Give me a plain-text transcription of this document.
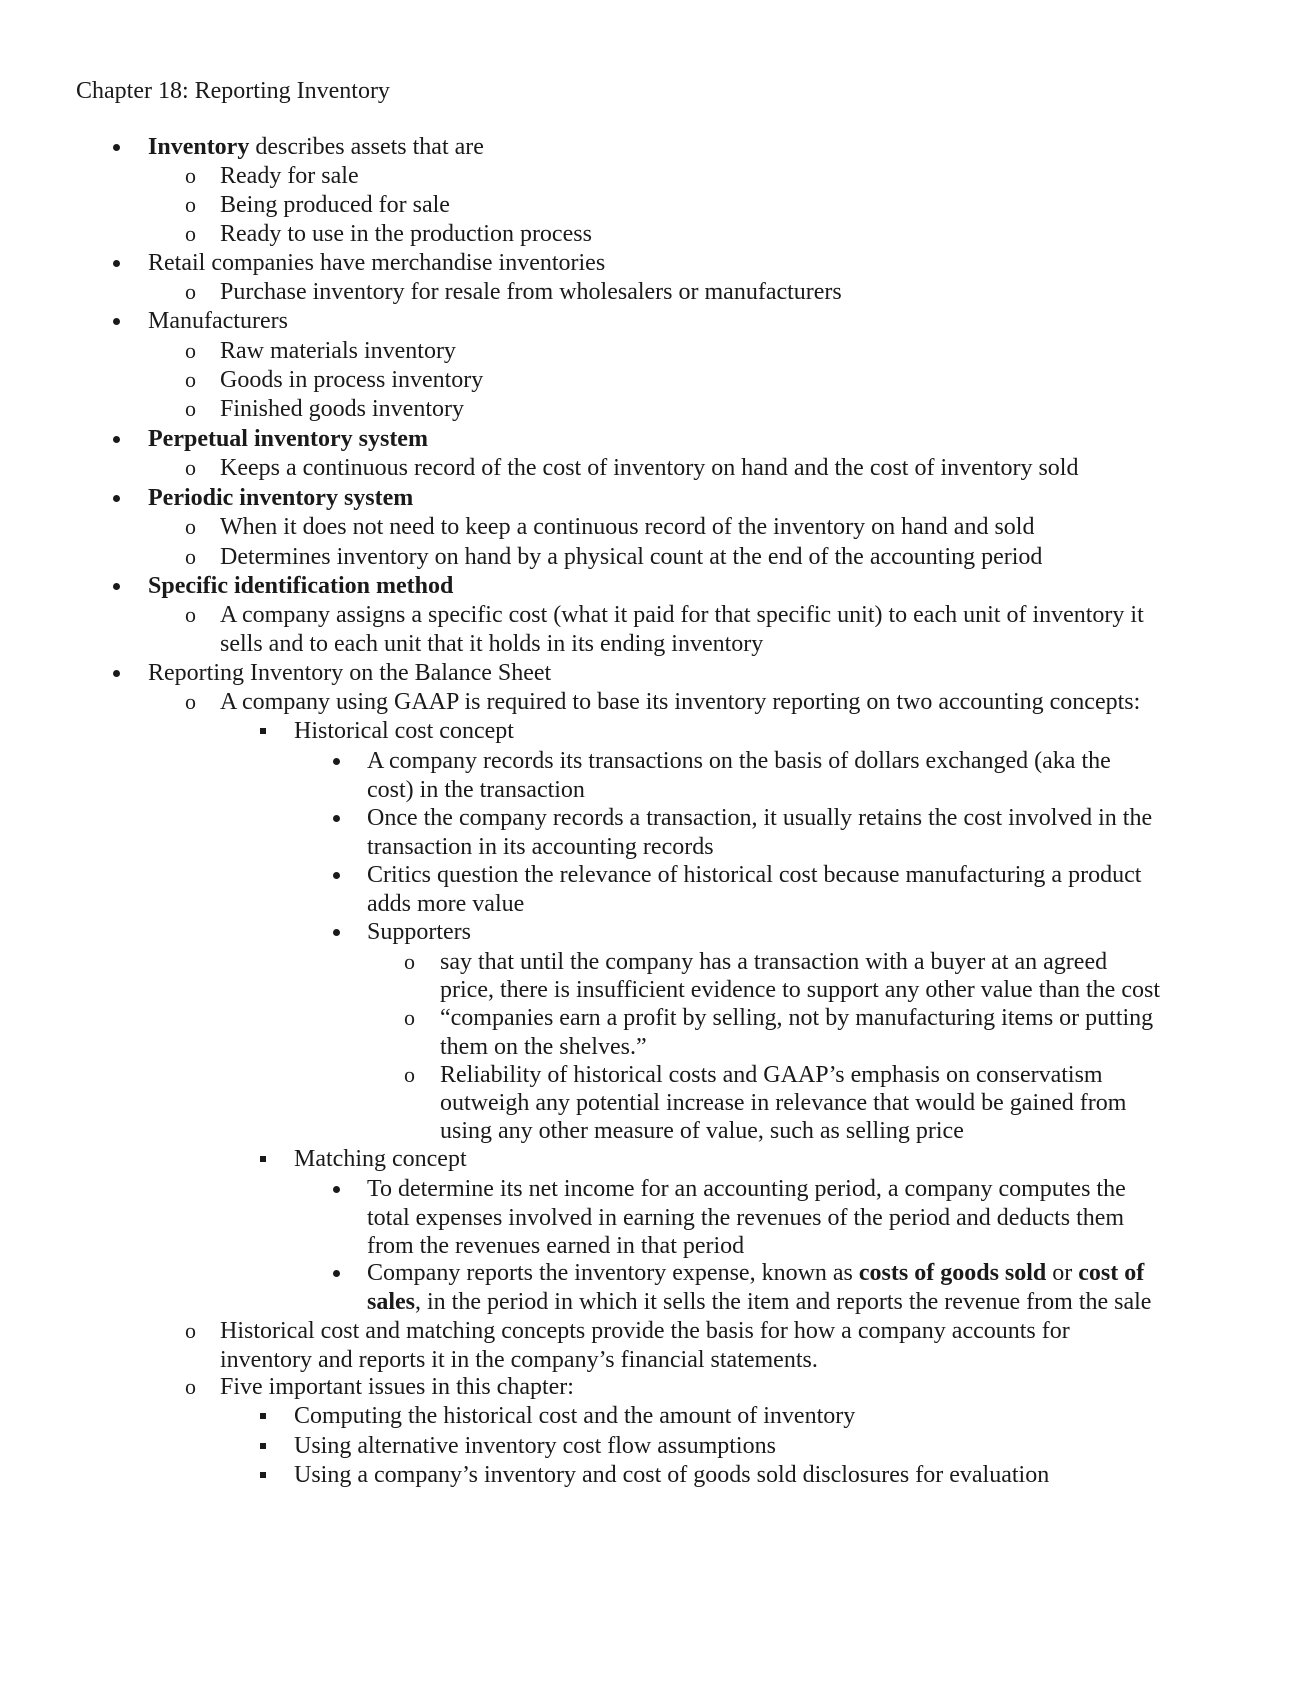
Chapter 18: Reporting Inventory
Inventory describes assets that are
o Ready for sale
o Being produced for sale
o Ready to use in the production process
Retail companies have merchandise inventories
o Purchase inventory for resale from wholesalers or manufacturers
Manufacturers
o Raw materials inventory
o Goods in process inventory
o Finished goods inventory
Perpetual inventory system
o Keeps a continuous record of the cost of inventory on hand and the cost of inventory sold
Periodic inventory system
o When it does not need to keep a continuous record of the inventory on hand and sold
o Determines inventory on hand by a physical count at the end of the accounting period
Specific identification method
o A company assigns a specific cost (what it paid for that specific unit) to each unit of inventory it
sells and to each unit that it holds in its ending inventory
Reporting Inventory on the Balance Sheet
o A company using GAAP is required to base its inventory reporting on two accounting concepts:
Historical cost concept
A company records its transactions on the basis of dollars exchanged (aka the
cost) in the transaction
Once the company records a transaction, it usually retains the cost involved in the
transaction in its accounting records
Critics question the relevance of historical cost because manufacturing a product
adds more value
Supporters
o say that until the company has a transaction with a buyer at an agreed
price, there is insufficient evidence to support any other value than the cost
o “companies earn a profit by selling, not by manufacturing items or putting
them on the shelves.”
o Reliability of historical costs and GAAP’s emphasis on conservatism
outweigh any potential increase in relevance that would be gained from
using any other measure of value, such as selling price
Matching concept
To determine its net income for an accounting period, a company computes the
total expenses involved in earning the revenues of the period and deducts them
from the revenues earned in that period
Company reports the inventory expense, known as costs of goods sold or cost of
sales, in the period in which it sells the item and reports the revenue from the sale
o Historical cost and matching concepts provide the basis for how a company accounts for
inventory and reports it in the company’s financial statements.
o Five important issues in this chapter:
Computing the historical cost and the amount of inventory
Using alternative inventory cost flow assumptions
Using a company’s inventory and cost of goods sold disclosures for evaluation
